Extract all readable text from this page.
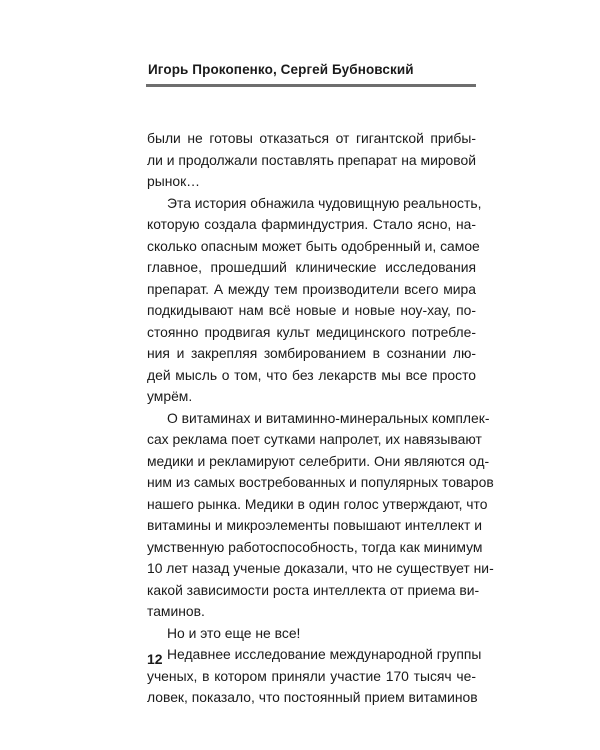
Игорь Прокопенко, Сергей Бубновский
были не готовы отказаться от гигантской прибы-
ли и продолжали поставлять препарат на мировой
рынок…
Эта история обнажила чудовищную реальность,
которую создала фарминдустрия. Стало ясно, на-
сколько опасным может быть одобренный и, самое
главное, прошедший клинические исследования
препарат. А между тем производители всего мира
подкидывают нам всё новые и новые ноу-хау, по-
стоянно продвигая культ медицинского потребле-
ния и закрепляя зомбированием в сознании лю-
дей мысль о том, что без лекарств мы все просто
умрём.
О витаминах и витаминно-минеральных комплек-
сах реклама поет сутками напролет, их навязывают
медики и рекламируют селебрити. Они являются од-
ним из самых востребованных и популярных товаров
нашего рынка. Медики в один голос утверждают, что
витамины и микроэлементы повышают интеллект и
умственную работоспособность, тогда как минимум
10 лет назад ученые доказали, что не существует ни-
какой зависимости роста интеллекта от приема ви-
таминов.
Но и это еще не все!
Недавнее исследование международной группы
ученых, в котором приняли участие 170 тысяч че-
ловек, показало, что постоянный прием витаминов
12
